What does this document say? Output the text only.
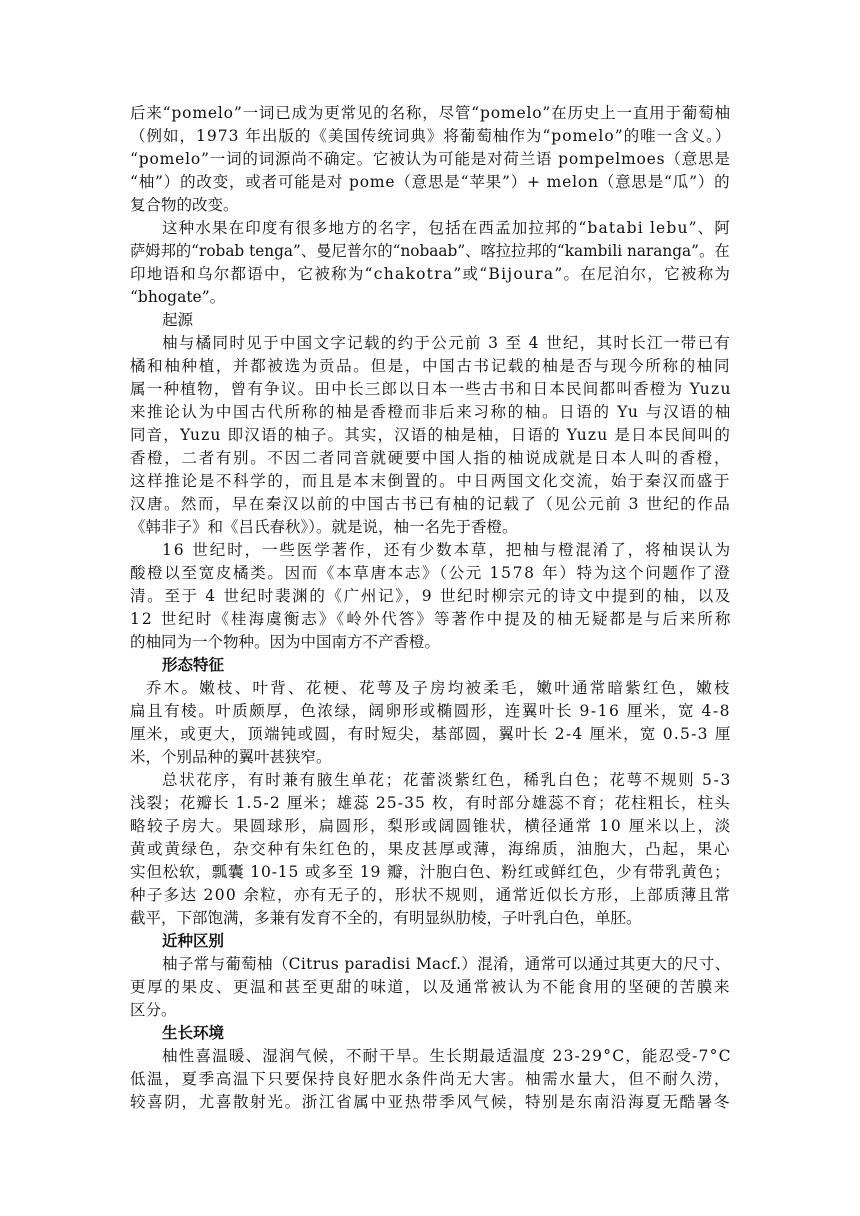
后来“pomelo”一词已成为更常见的名称，尽管“pomelo”在历史上一直用于葡萄柚
（例如，1973 年出版的《美国传统词典》将葡萄柚作为“pomelo”的唯一含义。）
“pomelo”一词的词源尚不确定。它被认为可能是对荷兰语 pompelmoes（意思是
“柚”）的改变，或者可能是对 pome（意思是“苹果”）+ melon（意思是“瓜”）的
复合物的改变。
这种水果在印度有很多地方的名字，包括在西孟加拉邦的“batabi lebu”、阿
萨姆邦的“robab tenga”、曼尼普尔的“nobaab”、喀拉拉邦的“kambili naranga”。在
印地语和乌尔都语中，它被称为“chakotra”或“Bijoura”。在尼泊尔，它被称为
“bhogate”。
起源
柚与橘同时见于中国文字记载的约于公元前 3 至 4 世纪，其时长江一带已有
橘和柚种植，并都被选为贡品。但是，中国古书记载的柚是否与现今所称的柚同
属一种植物，曾有争议。田中长三郎以日本一些古书和日本民间都叫香橙为 Yuzu
来推论认为中国古代所称的柚是香橙而非后来习称的柚。日语的 Yu 与汉语的柚
同音，Yuzu 即汉语的柚子。其实，汉语的柚是柚，日语的 Yuzu 是日本民间叫的
香橙，二者有别。不因二者同音就硬要中国人指的柚说成就是日本人叫的香橙，
这样推论是不科学的，而且是本末倒置的。中日两国文化交流，始于秦汉而盛于
汉唐。然而，早在秦汉以前的中国古书已有柚的记载了（见公元前 3 世纪的作品
《韩非子》和《吕氏春秋》）。就是说，柚一名先于香橙。
16 世纪时，一些医学著作，还有少数本草，把柚与橙混淆了，将柚误认为
酸橙以至宽皮橘类。因而《本草唐本志》（公元 1578 年）特为这个问题作了澄
清。至于 4 世纪时裴渊的《广州记》，9 世纪时柳宗元的诗文中提到的柚，以及
12 世纪时《桂海虞衡志》《岭外代答》等著作中提及的柚无疑都是与后来所称
的柚同为一个物种。因为中国南方不产香橙。
形态特征
乔木。嫩枝、叶背、花梗、花萼及子房均被柔毛，嫩叶通常暗紫红色，嫩枝
扁且有棱。叶质颇厚，色浓绿，阔卵形或椭圆形，连翼叶长 9-16 厘米，宽 4-8
厘米，或更大，顶端钝或圆，有时短尖，基部圆，翼叶长 2-4 厘米，宽 0.5-3 厘
米，个别品种的翼叶甚狭窄。
总状花序，有时兼有腋生单花；花蕾淡紫红色，稀乳白色；花萼不规则 5-3
浅裂；花瓣长 1.5-2 厘米；雄蕊 25-35 枚，有时部分雄蕊不育；花柱粗长，柱头
略较子房大。果圆球形，扁圆形，梨形或阔圆锥状，横径通常 10 厘米以上，淡
黄或黄绿色，杂交种有朱红色的，果皮甚厚或薄，海绵质，油胞大，凸起，果心
实但松软，瓢囊 10-15 或多至 19 瓣，汁胞白色、粉红或鲜红色，少有带乳黄色；
种子多达 200 余粒，亦有无子的，形状不规则，通常近似长方形，上部质薄且常
截平，下部饱满，多兼有发育不全的，有明显纵肋棱，子叶乳白色，单胚。
近种区别
柚子常与葡萄柚（Citrus paradisi Macf.）混淆，通常可以通过其更大的尺寸、
更厚的果皮、更温和甚至更甜的味道，以及通常被认为不能食用的坚硬的苦膜来
区分。
生长环境
柚性喜温暖、湿润气候，不耐干旱。生长期最适温度 23-29°C，能忍受-7°C
低温，夏季高温下只要保持良好肥水条件尚无大害。柚需水量大，但不耐久涝，
较喜阴，尤喜散射光。浙江省属中亚热带季风气候，特别是东南沿海夏无酷暑冬
